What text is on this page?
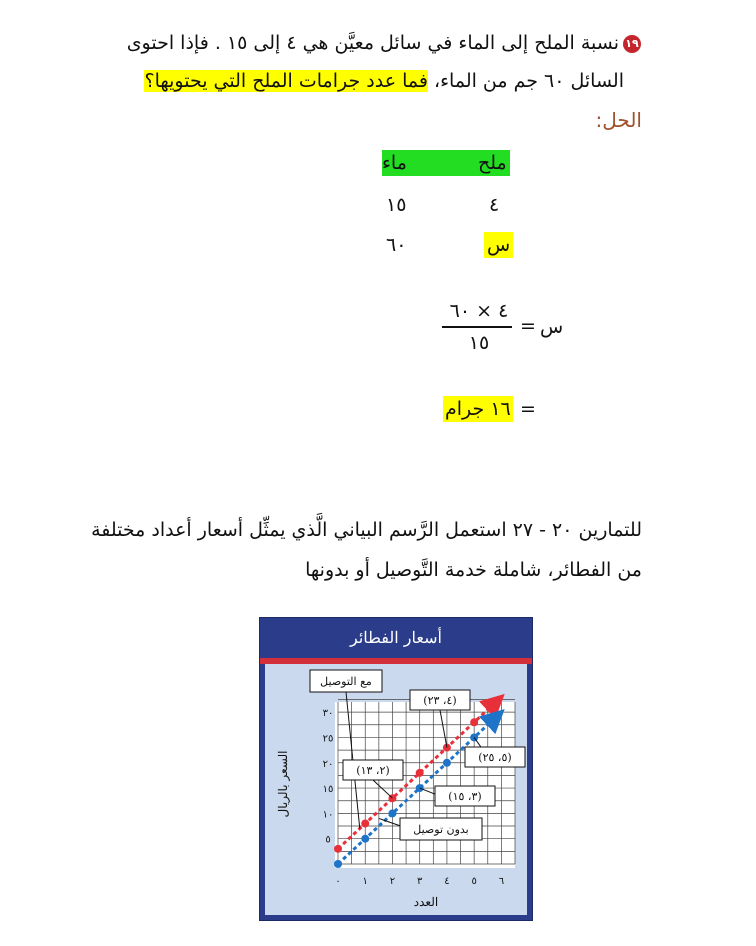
١٩نسبة الملح إلى الماء في سائل معيَّن هي ٤ إلى ١٥ . فإذا احتوى
السائل ٦٠ جم من الماء، فما عدد جرامات الملح التي يحتويها؟
الحل:
ملح
ماء
٤
١٥
س
٦٠
س
=
٤ × ٦٠
١٥
=
١٦ جرام
للتمارين ٢٠ - ٢٧ استعمل الرَّسم البياني الَّذي يمثِّل أسعار أعداد مختلفة
من الفطائر، شاملة خدمة التَّوصيل أو بدونها
أسعار الفطائر
٠ ١ ٢ ٣ ٤ ٥ ٦
٥
١٠
١٥
٢٠
٢٥
٣٠
العدد
السعر بالريال
مع التوصيل
بدون توصيل
(٤، ٢٣)
(٢، ١٣)
(٥، ٢٥)
(٣، ١٥)
